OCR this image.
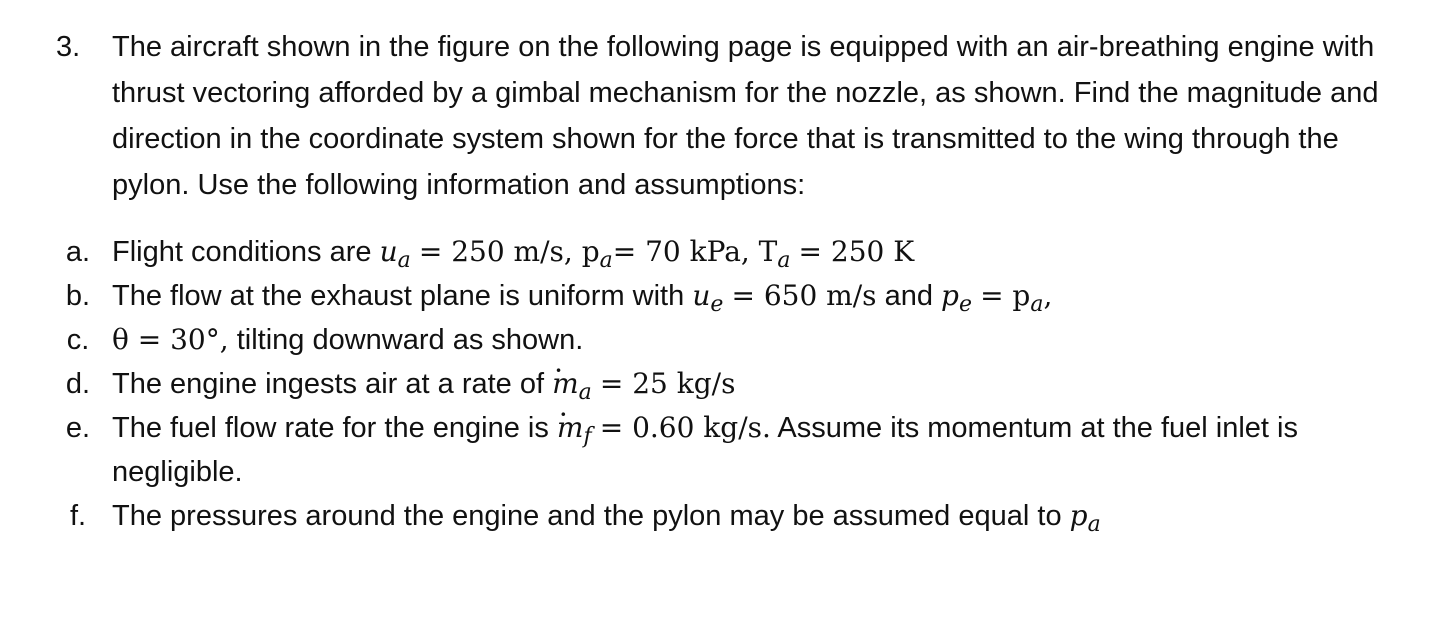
3. The aircraft shown in the figure on the following page is equipped with an air-breathing engine with thrust vectoring afforded by a gimbal mechanism for the nozzle, as shown. Find the magnitude and direction in the coordinate system shown for the force that is transmitted to the wing through the pylon. Use the following information and assumptions:
a. Flight conditions are $u_a = 250$ m/s, $p_a= 70$ kPa, $T_a = 250$ K
b. The flow at the exhaust plane is uniform with $u_e = 650$ m/s and $p_e = p_a$,
c. θ = 30°, tilting downward as shown.
d. The engine ingests air at a rate of · $m_a = 25$ kg/s
e. The fuel flow rate for the engine is · $m_f = 0.60$ kg/s. Assume its momentum at the fuel inlet is negligible.
f. The pressures around the engine and the pylon may be assumed equal to $p_a$
